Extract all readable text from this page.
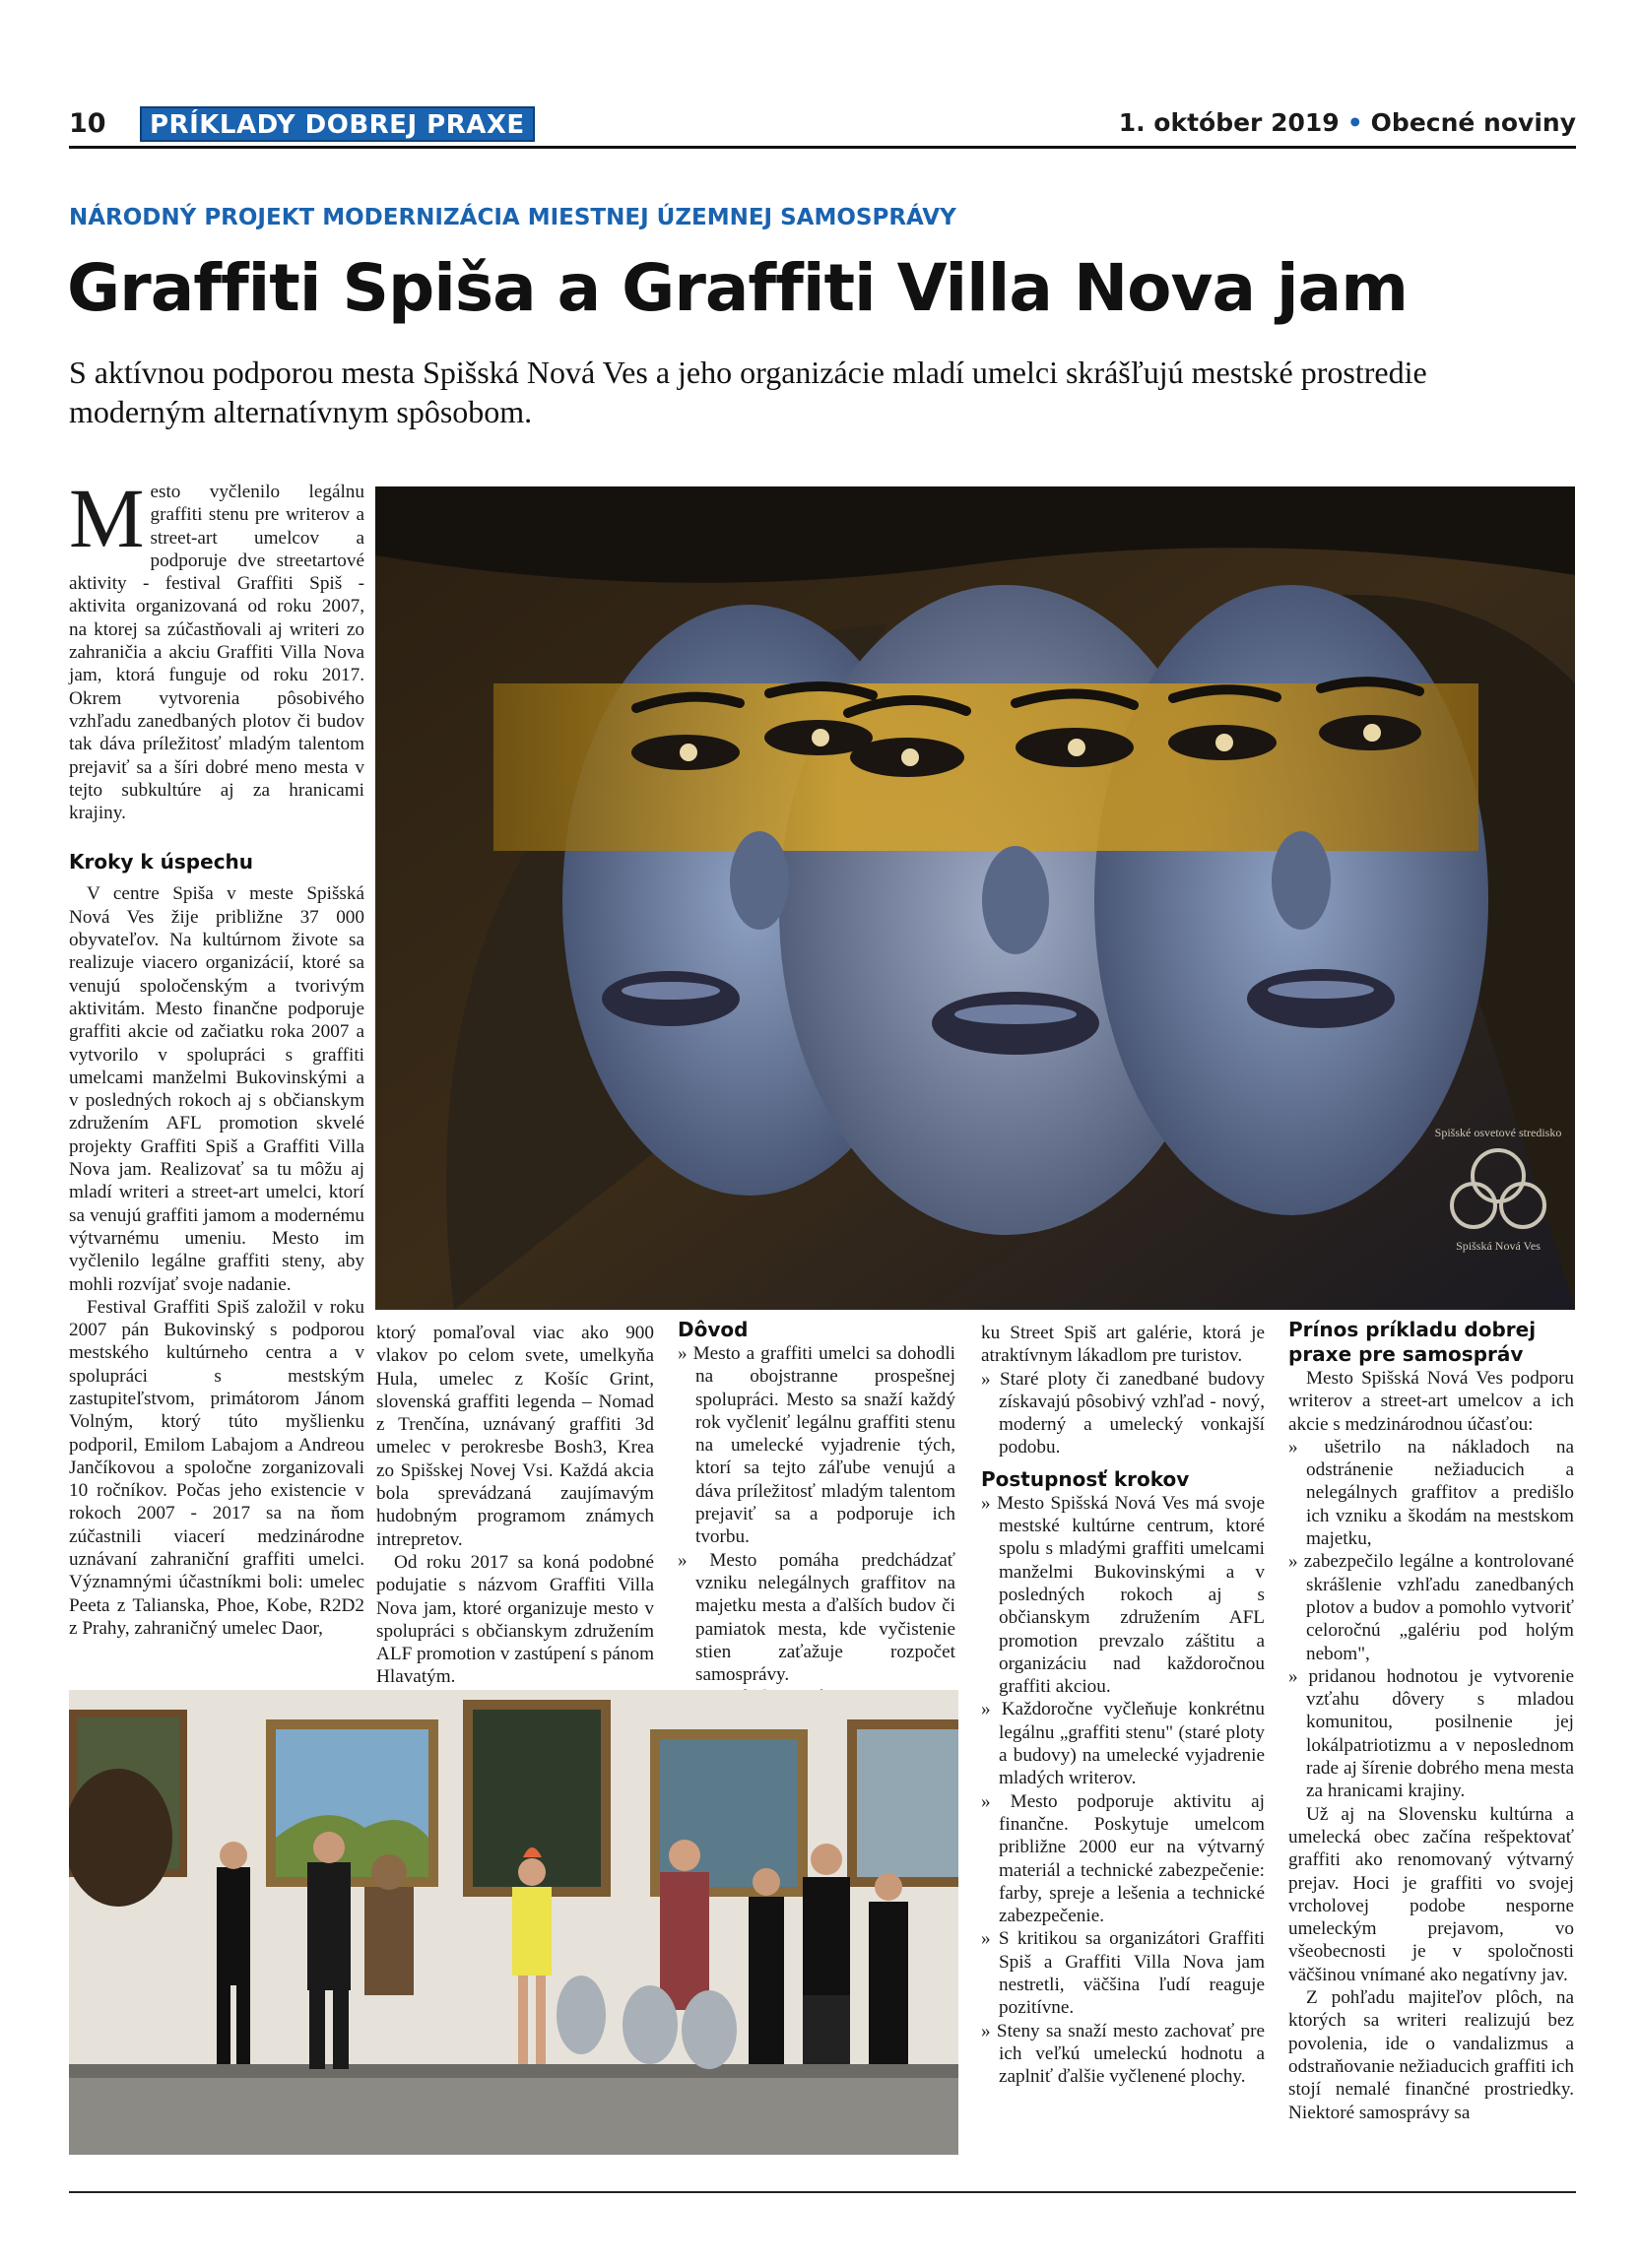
10	PRÍKLADY DOBREJ PRAXE	1. október 2019 • Obecné noviny
NÁRODNÝ PROJEKT MODERNIZÁCIA MIESTNEJ ÚZEMNEJ SAMOSPRÁVY
Graffiti Spiša a Graffiti Villa Nova jam
S aktívnou podporou mesta Spišská Nová Ves a jeho organizácie mladí umelci skrášľujú mestské prostredie moderným alternatívnym spôsobom.

Mesto vyčlenilo legálnu graffiti stenu pre writerov a street-art umelcov a podporuje dve streetartové aktivity - festival Graffiti Spiš - aktivita organizovaná od roku 2007, na ktorej sa zúčastňovali aj writeri zo zahraničia a akciu Graffiti Villa Nova jam, ktorá funguje od roku 2017. Okrem vytvorenia pôsobivého vzhľadu zanedbaných plotov či budov tak dáva príležitosť mladým talentom prejaviť sa a šíri dobré meno mesta v tejto subkultúre aj za hranicami krajiny.

Kroky k úspechu

V centre Spiša v meste Spišská Nová Ves žije približne 37 000 obyvateľov. Na kultúrnom živote sa realizuje viacero organizácií, ktoré sa venujú spoločenským a tvorivým aktivitám. Mesto finančne podporuje graffiti akcie od začiatku roka 2007 a vytvorilo v spolupráci s graffiti umelcami manželmi Bukovinskými a v posledných rokoch aj s občianskym združením AFL promotion skvelé projekty Graffiti Spiš a Graffiti Villa Nova jam. Realizovať sa tu môžu aj mladí writeri a street-art umelci, ktorí sa venujú graffiti jamom a modernému výtvarnému umeniu. Mesto im vyčlenilo legálne graffiti steny, aby mohli rozvíjať svoje nadanie.

Festival Graffiti Spiš založil v roku 2007 pán Bukovinský s podporou mestského kultúrneho centra a v spolupráci s mestským zastupiteľstvom, primátorom Jánom Volným, ktorý túto myšlienku podporil, Emilom Labajom a Andreou Jančíkovou a spoločne zorganizovali 10 ročníkov. Počas jeho existencie v rokoch 2007 - 2017 sa na ňom zúčastnili viacerí medzinárodne uznávaní zahraniční graffiti umelci. Významnými účastníkmi boli: umelec Peeta z Talianska, Phoe, Kobe, R2D2 z Prahy, zahraničný umelec Daor,

Spišské osvetové stredisko
Spišská Nová Ves

ktorý pomaľoval viac ako 900 vlakov po celom svete, umelkyňa Hula, umelec z Košíc Grint, slovenská graffiti legenda – Nomad z Trenčína, uznávaný graffiti 3d umelec v perokresbe Bosh3, Krea zo Spišskej Novej Vsi. Každá akcia bola sprevádzaná zaujímavým hudobným programom známych intrepretov.

Od roku 2017 sa koná podobné podujatie s názvom Graffiti Villa Nova jam, ktoré organizuje mesto v spolupráci s občianskym združením ALF promotion v zastúpení s pánom Hlavatým.

Dôvod
» Mesto a graffiti umelci sa dohodli na obojstranne prospešnej spolupráci. Mesto sa snaží každý rok vyčleniť legálnu graffiti stenu na umelecké vyjadrenie tých, ktorí sa tejto záľube venujú a dáva príležitosť mladým talentom prejaviť sa a podporuje ich tvorbu.
» Mesto pomáha predchádzať vzniku nelegálnych graffitov na majetku mesta a ďalších budov či pamiatok mesta, kde vyčistenie stien zaťažuje rozpočet samosprávy.
»

ku Street Spiš art galérie, ktorá je atraktívnym lákadlom pre turistov.

» Staré ploty či zanedbané budovy získavajú pôsobivý vzhľad - nový, moderný a umelecký vonkajší podobu.
Postupnosť krokov
» Mesto Spišská Nová Ves má svoje mestské kultúrne centrum, ktoré spolu s mladými graffiti umelcami manželmi Bukovinskými a v posledných rokoch aj s občianskym združením AFL promotion prevzalo záštitu a organizáciu nad každoročnou graffiti akciou.
» Každoročne vyčleňuje konkrétnu legálnu „graffiti stenu" (staré ploty a budovy) na umelecké vyjadrenie mladých writerov.
» Mesto podporuje aktivitu aj finančne. Poskytuje umelcom približne 2000 eur na výtvarný materiál a technické zabezpečenie: farby, spreje a lešenia a technické zabezpečenie.
» S kritikou sa organizátori Graffiti Spiš a Graffiti Villa Nova jam nestretli, väčšina ľudí reaguje pozitívne.
» Steny sa snaží mesto zachovať pre ich veľkú umeleckú hodnotu a zaplniť ďalšie vyčlenené plochy.
Prínos príkladu dobrej praxe pre samospráv

Mesto Spišská Nová Ves podporu writerov a street-art umelcov a ich akcie s medzinárodnou účasťou:

» ušetrilo na nákladoch na odstránenie nežiaducich a nelegálnych graffitov a predišlo ich vzniku a škodám na mestskom majetku,
» zabezpečilo legálne a kontrolované skrášlenie vzhľadu zanedbaných plotov a budov a pomohlo vytvoriť celoročnú „galériu pod holým nebom",
» pridanou hodnotou je vytvorenie vzťahu dôvery s mladou komunitou, posilnenie jej lokálpatriotizmu a v neposlednom rade aj šírenie dobrého mena mesta za hranicami krajiny.

Už aj na Slovensku kultúrna a umelecká obec začína rešpektovať graffiti ako renomovaný výtvarný prejav. Hoci je graffiti vo svojej vrcholovej podobe nesporne umeleckým prejavom, vo všeobecnosti je v spoločnosti väčšinou vnímané ako negatívny jav.

Z pohľadu majiteľov plôch, na ktorých sa writeri realizujú bez povolenia, ide o vandalizmus a odstraňovanie nežiaducich graffiti ich stojí nemalé finančné prostriedky. Niektoré samosprávy sa
